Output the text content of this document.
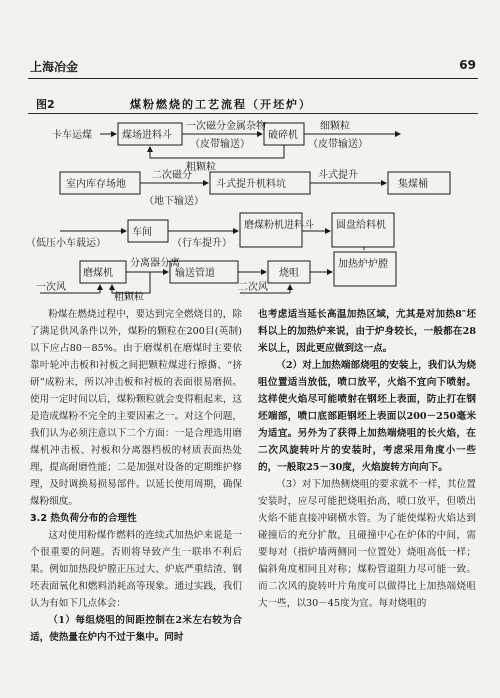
上海冶金	69
图2	煤粉燃烧的工艺流程（开坯炉）
卡车运煤	煤场进料斗	破碎机
室内库存场地	斗式提升机料坑	集煤桶
车间
磨煤粉机进料斗 圆盘给料机
磨煤机
分离器分离
输送管道	烧咀
加热炉炉膛
一次磁分金属杂物
（皮带输送）
粗颗粒
细颗粒
（皮带输送）
二次磁分
（地下输送）
斗式提升
（低压小车载运）	（行车提升）
一次风
粗颗粒
二次风

粉煤在燃烧过程中，要达到完全燃烧目的，除了满足供风条件以外，煤粉的颗粒在200目(英制)以下应占80－85%。由于磨煤机在磨煤时主要依靠叶轮冲击板和衬板之间把颗粒煤进行擦撕、“挤研”成粉末，所以冲击板和衬板的表面很易磨损。使用一定时间以后，煤粉颗粒就会变得粗起来，这是造成煤粉不完全的主要因素之一。对这个问题，我们认为必须注意以下二个方面：一是合理选用磨煤机冲击板、衬板和分离器档板的材质表面热处理，提高耐磨性能；二是加强对设备的定期维护修理，及时调换易损易部件。以延长使用周期，确保煤粉细度。

3.2 热负荷分布的合理性

这对使用粉煤作燃料的连续式加热炉来说是一个很重要的问题。否则将导致产生一联串不利后果。例如加热段炉膛正压过大、炉底严重结渣、钢坯表面氧化和燃料消耗高等现象。通过实践，我们认为有如下几点体会：

（1）每组烧咀的间距控制在2米左右较为合适，使热量在炉内不过于集中。同时

也考虑适当延长高温加热区域，尤其是对加热8″坯料以上的加热炉来说，由于炉身较长，一般都在28米以上，因此更应做到这一点。

（2）对上加热端部烧咀的安装上，我们认为烧咀位置适当放低，喷口放平，火焰不宜向下喷射。这样使火焰尽可能喷射在钢坯上表面，防止打在钢坯端部，喷口底部距钢坯上表面以200－250毫米为适宜。另外为了获得上加热端烧咀的长火焰，在二次风旋转叶片的安装时，考虑采用角度小一些的，一般取25－30度，火焰旋转方向向下。

（3）对下加热侧烧咀的要求就不一样，其位置安装时，应尽可能把烧咀抬高，喷口放平，但喷出火焰不能直接冲刷横水管。为了能使煤粉火焰达到碰撞后的充分扩散，且碰撞中心在炉体的中间，需要每对（指炉墙两侧同一位置处）烧咀高低一样；偏斜角度相同且对称；煤粉管道阻力尽可能一致。而二次风的旋转叶片角度可以做得比上加热端烧咀大一些，以30－45度为宜。每对烧咀的
